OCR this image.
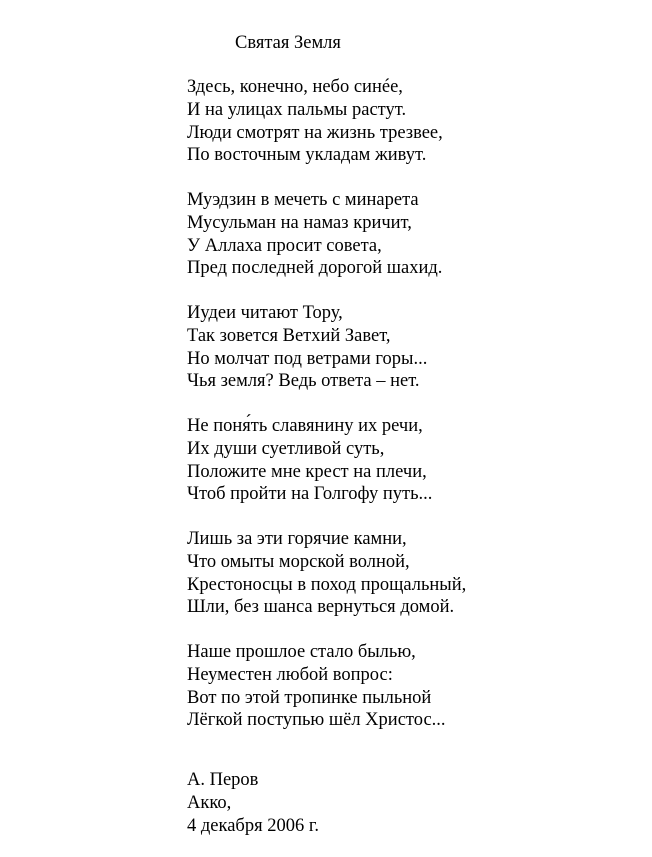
Святая Земля
Здесь, конечно, небо синéе,
И на улицах пальмы растут.
Люди смотрят на жизнь трезвее,
По восточным укладам живут.
Муэдзин в мечеть с минарета
Мусульман на намаз кричит,
У Аллаха просит совета,
Пред последней дорогой шахид.
Иудеи читают Тору,
Так зовется Ветхий Завет,
Но молчат под ветрами горы...
Чья земля? Ведь ответа – нет.
Не поня́ть славянину их речи,
Их души суетливой суть,
Положите мне крест на плечи,
Чтоб пройти на Голгофу путь...
Лишь за эти горячие камни,
Что омыты морской волной,
Крестоносцы в поход прощальный,
Шли, без шанса вернуться домой.
Наше прошлое стало былью,
Неуместен любой вопрос:
Вот по этой тропинке пыльной
Лёгкой поступью шёл Христос...
А. Перов
Акко,
4 декабря 2006 г.
